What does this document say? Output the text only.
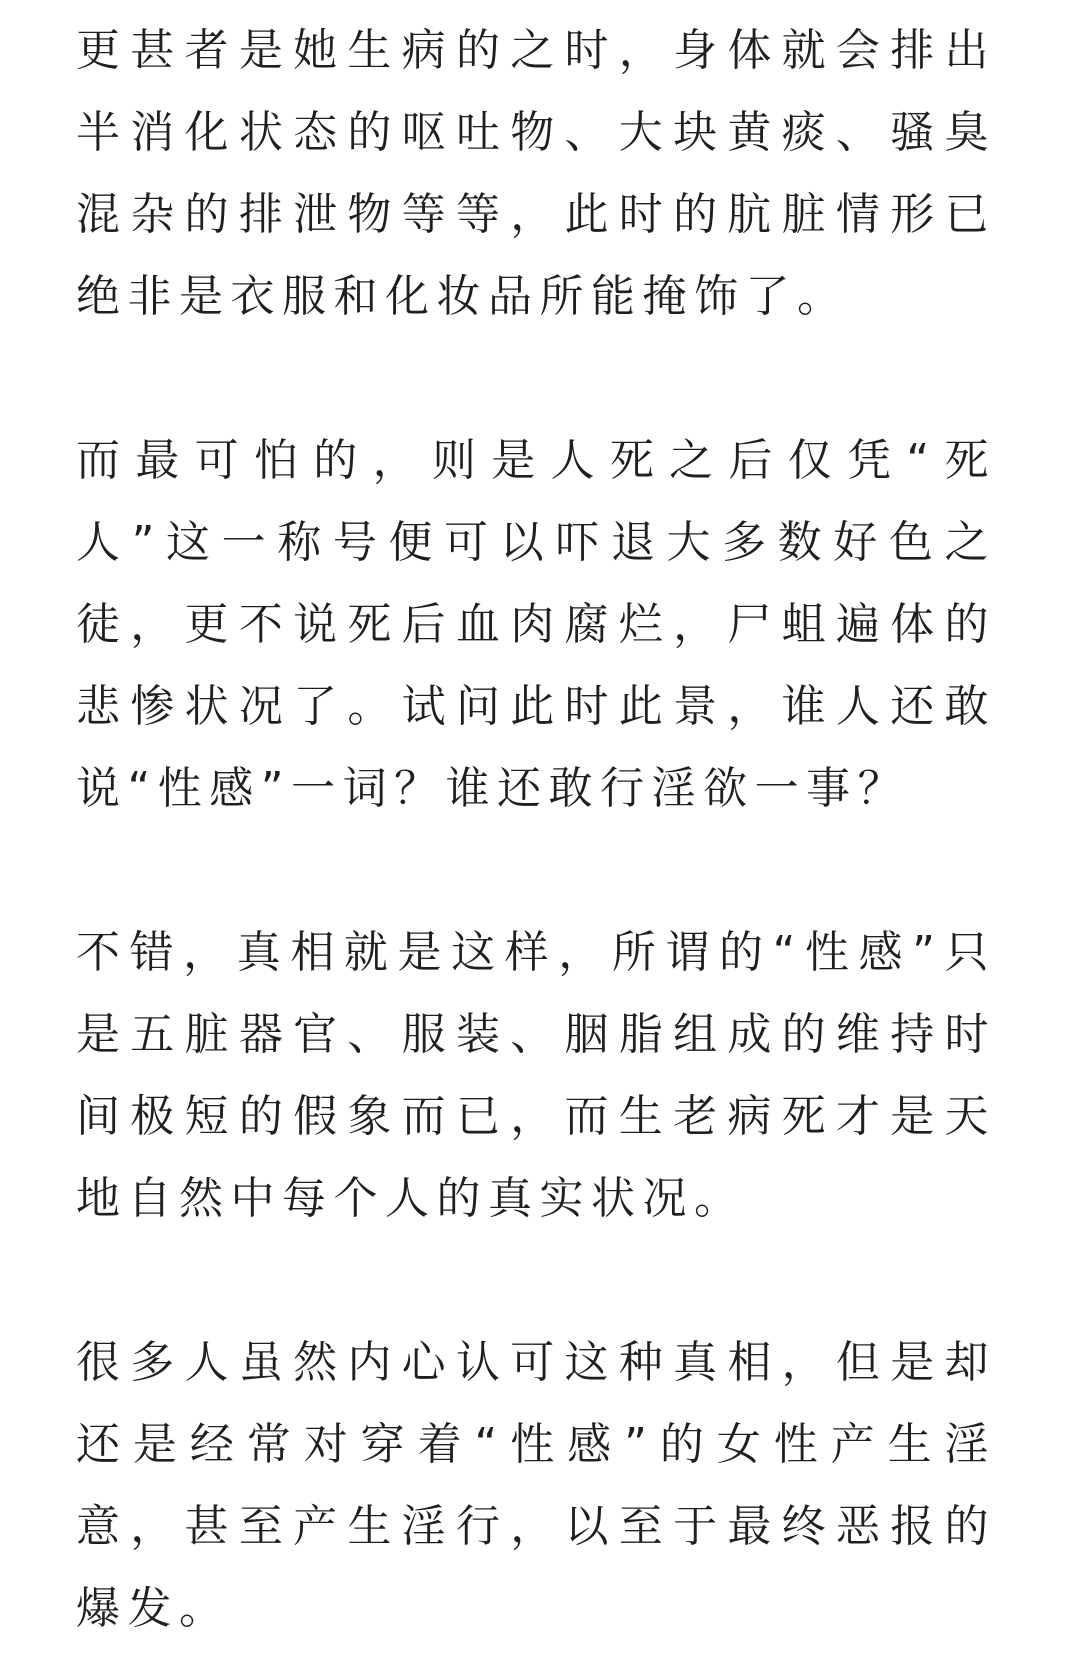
更甚者是她生病的之时，身体就会排出半消化状态的呕吐物、大块黄痰、骚臭混杂的排泄物等等，此时的肮脏情形已绝非是衣服和化妆品所能掩饰了。

而最可怕的，则是人死之后仅凭“死人”这一称号便可以吓退大多数好色之徒，更不说死后血肉腐烂，尸蛆遍体的悲惨状况了。试问此时此景，谁人还敢说“性感”一词？谁还敢行淫欲一事？

不错，真相就是这样，所谓的“性感”只是五脏器官、服装、胭脂组成的维持时间极短的假象而已，而生老病死才是天地自然中每个人的真实状况。

很多人虽然内心认可这种真相，但是却还是经常对穿着“性感”的女性产生淫意，甚至产生淫行，以至于最终恶报的爆发。
